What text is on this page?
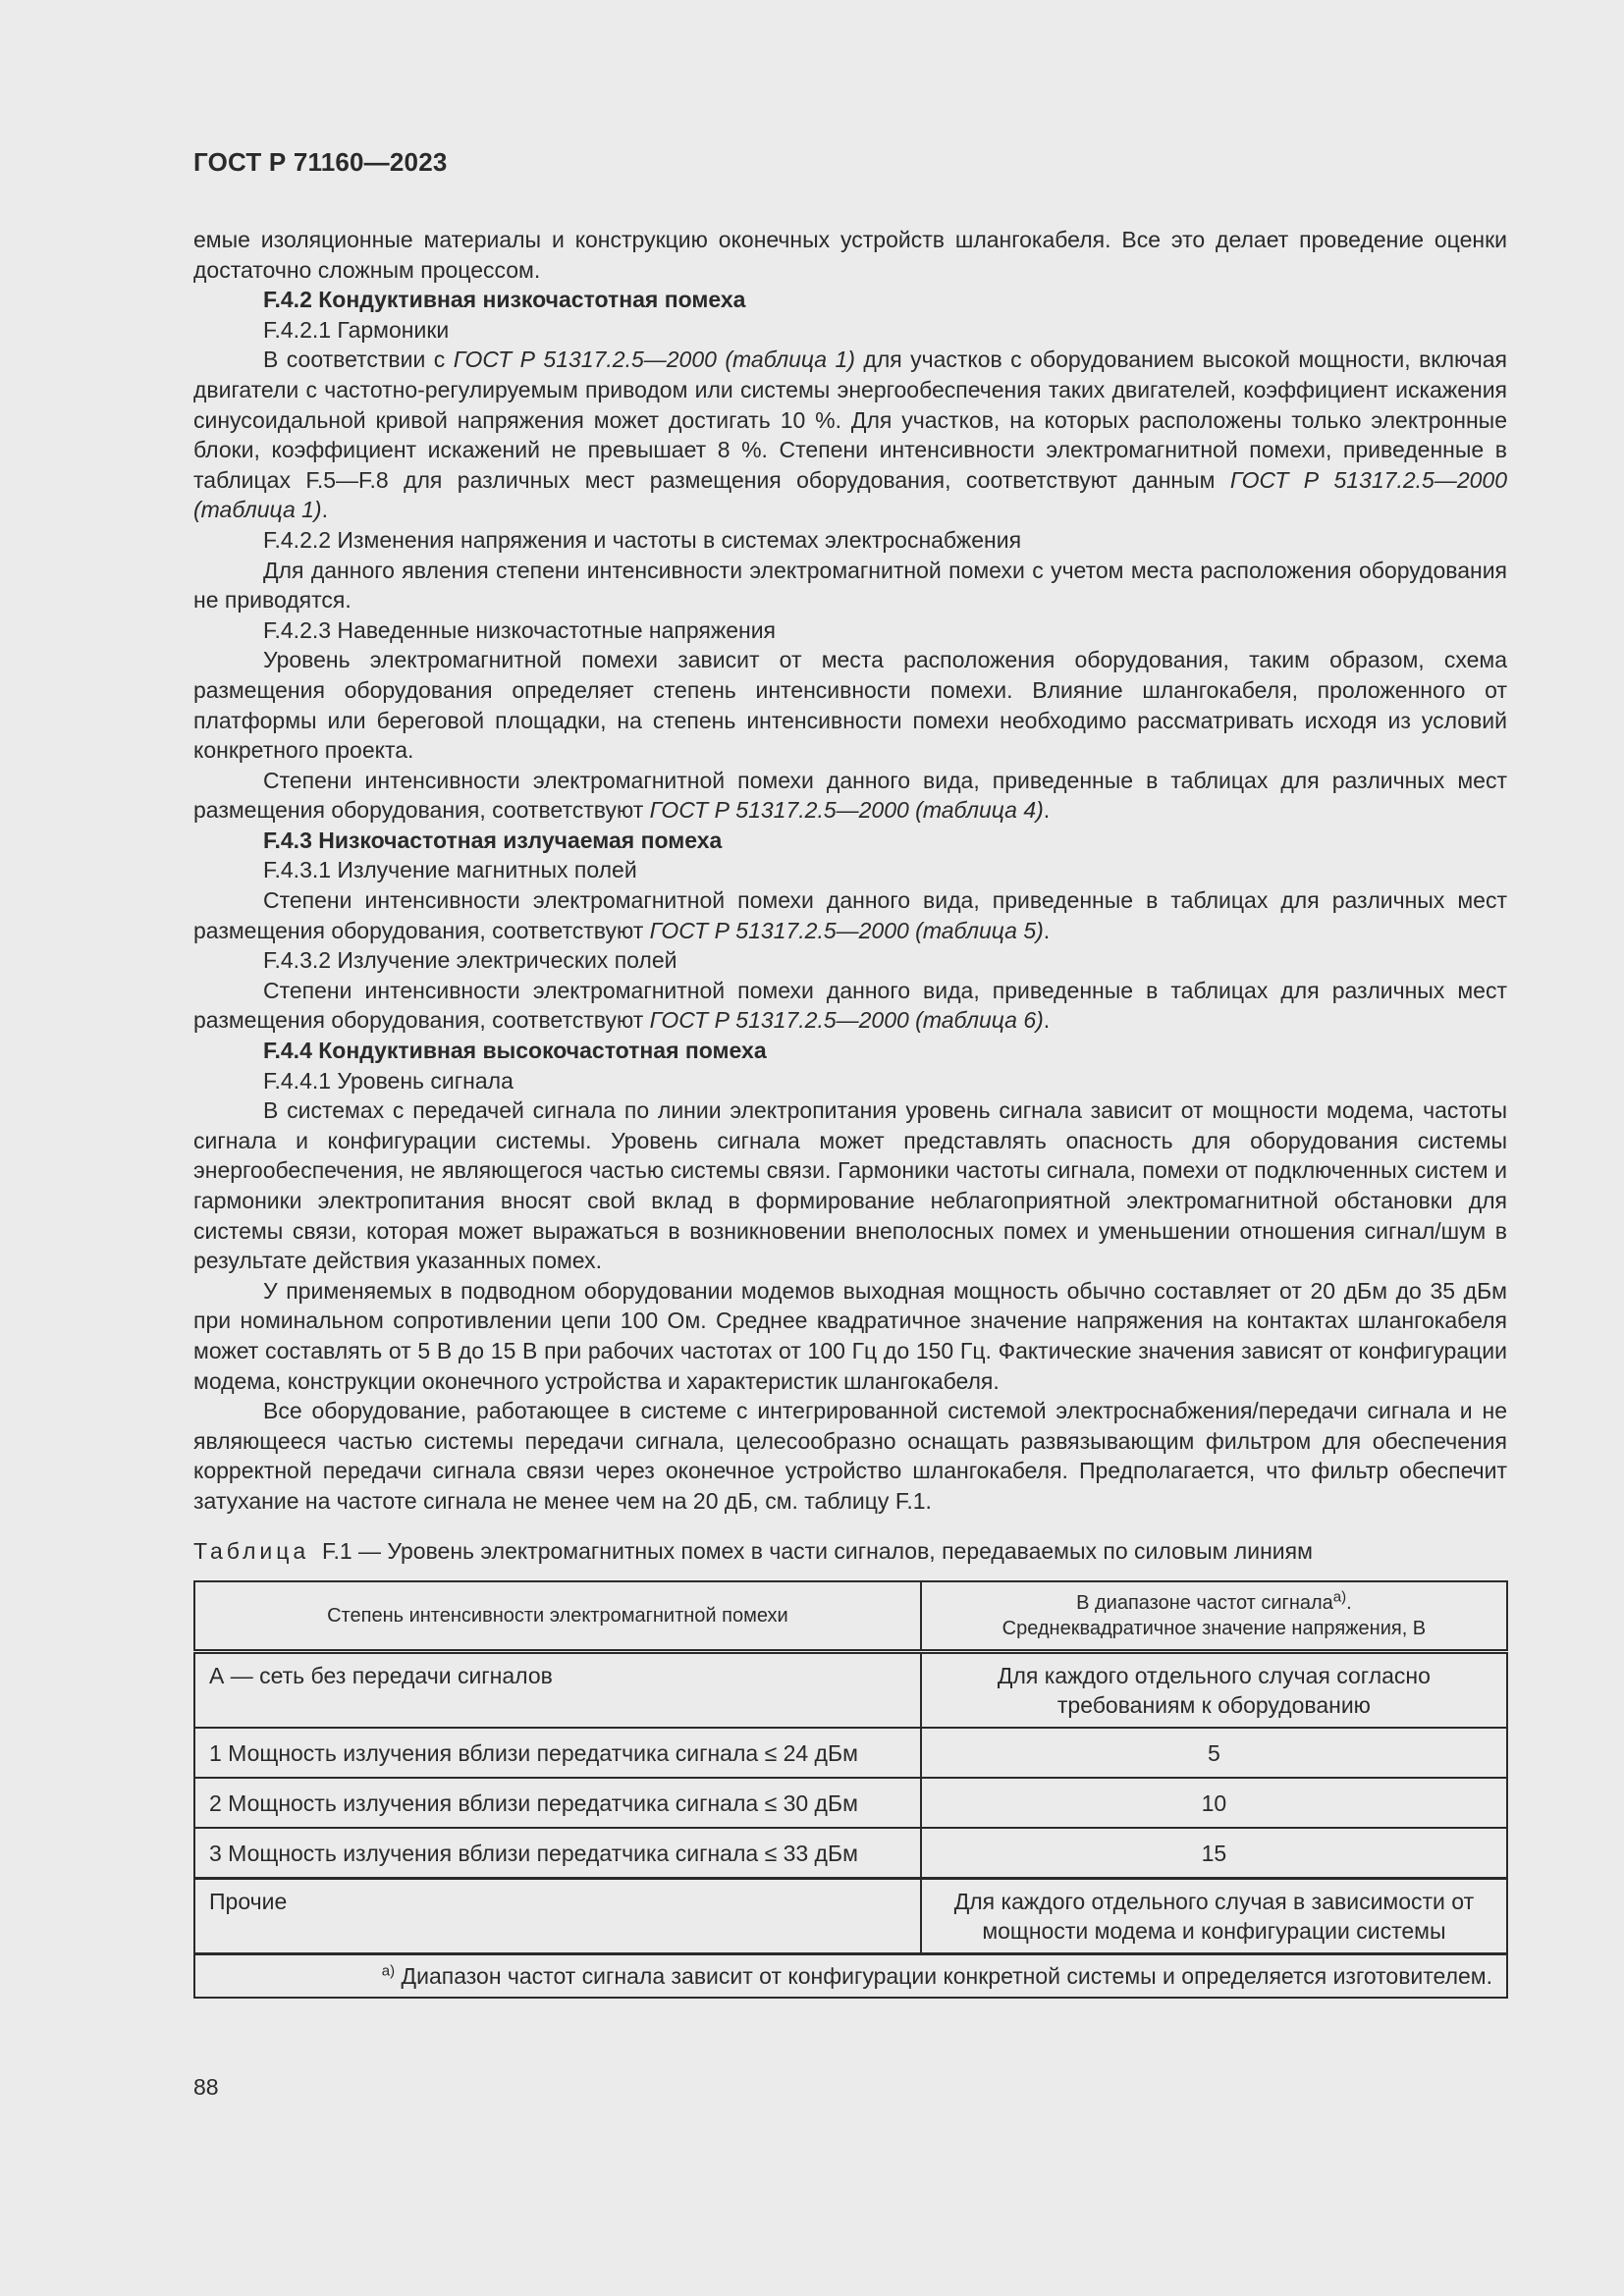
ГОСТ Р 71160—2023

емые изоляционные материалы и конструкцию оконечных устройств шлангокабеля. Все это делает проведение оценки достаточно сложным процессом.

F.4.2 Кондуктивная низкочастотная помеха

F.4.2.1 Гармоники

В соответствии с ГОСТ Р 51317.2.5—2000 (таблица 1) для участков с оборудованием высокой мощности, включая двигатели с частотно-регулируемым приводом или системы энергообеспечения таких двигателей, коэффициент искажения синусоидальной кривой напряжения может достигать 10 %. Для участков, на которых расположены только электронные блоки, коэффициент искажений не превышает 8 %. Степени интенсивности электромагнитной помехи, приведенные в таблицах F.5—F.8 для различных мест размещения оборудования, соответствуют данным ГОСТ Р 51317.2.5—2000 (таблица 1).

F.4.2.2 Изменения напряжения и частоты в системах электроснабжения

Для данного явления степени интенсивности электромагнитной помехи с учетом места расположения оборудования не приводятся.

F.4.2.3 Наведенные низкочастотные напряжения

Уровень электромагнитной помехи зависит от места расположения оборудования, таким образом, схема размещения оборудования определяет степень интенсивности помехи. Влияние шлангокабеля, проложенного от платформы или береговой площадки, на степень интенсивности помехи необходимо рассматривать исходя из условий конкретного проекта.

Степени интенсивности электромагнитной помехи данного вида, приведенные в таблицах для различных мест размещения оборудования, соответствуют ГОСТ Р 51317.2.5—2000 (таблица 4).

F.4.3 Низкочастотная излучаемая помеха

F.4.3.1 Излучение магнитных полей

Степени интенсивности электромагнитной помехи данного вида, приведенные в таблицах для различных мест размещения оборудования, соответствуют ГОСТ Р 51317.2.5—2000 (таблица 5).

F.4.3.2 Излучение электрических полей

Степени интенсивности электромагнитной помехи данного вида, приведенные в таблицах для различных мест размещения оборудования, соответствуют ГОСТ Р 51317.2.5—2000 (таблица 6).

F.4.4 Кондуктивная высокочастотная помеха

F.4.4.1 Уровень сигнала

В системах с передачей сигнала по линии электропитания уровень сигнала зависит от мощности модема, частоты сигнала и конфигурации системы. Уровень сигнала может представлять опасность для оборудования системы энергообеспечения, не являющегося частью системы связи. Гармоники частоты сигнала, помехи от подключенных систем и гармоники электропитания вносят свой вклад в формирование неблагоприятной электромагнитной обстановки для системы связи, которая может выражаться в возникновении внеполосных помех и уменьшении отношения сигнал/шум в результате действия указанных помех.

У применяемых в подводном оборудовании модемов выходная мощность обычно составляет от 20 дБм до 35 дБм при номинальном сопротивлении цепи 100 Ом. Среднее квадратичное значение напряжения на контактах шлангокабеля может составлять от 5 В до 15 В при рабочих частотах от 100 Гц до 150 Гц. Фактические значения зависят от конфигурации модема, конструкции оконечного устройства и характеристик шлангокабеля.

Все оборудование, работающее в системе с интегрированной системой электроснабжения/передачи сигнала и не являющееся частью системы передачи сигнала, целесообразно оснащать развязывающим фильтром для обеспечения корректной передачи сигнала связи через оконечное устройство шлангокабеля. Предполагается, что фильтр обеспечит затухание на частоте сигнала не менее чем на 20 дБ, см. таблицу F.1.

Таблица F.1 — Уровень электромагнитных помех в части сигналов, передаваемых по силовым линиям
Степень интенсивности электромагнитной помехи	В диапазоне частот сигнала$^{а)}$.
Среднеквадратичное значение напряжения, В
А — сеть без передачи сигналов	Для каждого отдельного случая согласно требованиям к оборудованию
1 Мощность излучения вблизи передатчика сигнала ≤ 24 дБм	5
2 Мощность излучения вблизи передатчика сигнала ≤ 30 дБм	10
3 Мощность излучения вблизи передатчика сигнала ≤ 33 дБм	15
Прочие	Для каждого отдельного случая в зависимости от мощности модема и конфигурации системы
$^{а)}$ Диапазон частот сигнала зависит от конфигурации конкретной системы и определяется изготовителем.	
88
